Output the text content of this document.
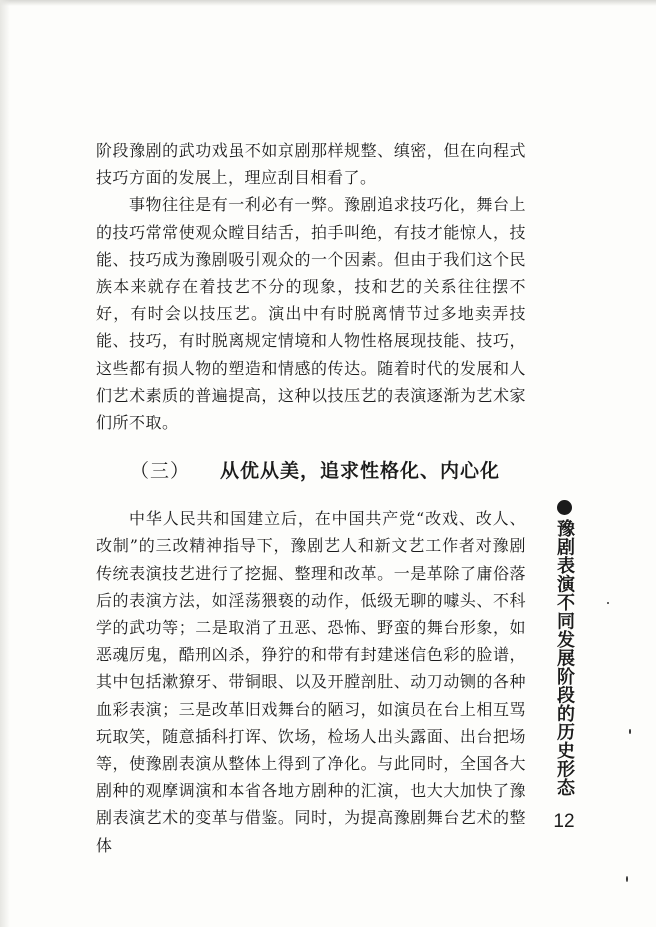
阶段豫剧的武功戏虽不如京剧那样规整、缜密，但在向程式技巧方面的发展上，理应刮目相看了。

事物往往是有一利必有一弊。豫剧追求技巧化，舞台上的技巧常常使观众瞠目结舌，拍手叫绝，有技才能惊人，技能、技巧成为豫剧吸引观众的一个因素。但由于我们这个民族本来就存在着技艺不分的现象，技和艺的关系往往摆不好，有时会以技压艺。演出中有时脱离情节过多地卖弄技能、技巧，有时脱离规定情境和人物性格展现技能、技巧，这些都有损人物的塑造和情感的传达。随着时代的发展和人们艺术素质的普遍提高，这种以技压艺的表演逐渐为艺术家们所不取。

（三） 从优从美，追求性格化、内心化

中华人民共和国建立后，在中国共产党“改戏、改人、改制”的三改精神指导下，豫剧艺人和新文艺工作者对豫剧传统表演技艺进行了挖掘、整理和改革。一是革除了庸俗落后的表演方法，如淫荡猥亵的动作，低级无聊的噱头、不科学的武功等；二是取消了丑恶、恐怖、野蛮的舞台形象，如恶魂厉鬼，酷刑凶杀，狰狞的和带有封建迷信色彩的脸谱，其中包括漱獠牙、带铜眼、以及开膛剖肚、动刀动铡的各种血彩表演；三是改革旧戏舞台的陋习，如演员在台上相互骂玩取笑，随意插科打诨、饮场，检场人出头露面、出台把场等，使豫剧表演从整体上得到了净化。与此同时，全国各大剧种的观摩调演和本省各地方剧种的汇演，也大大加快了豫剧表演艺术的变革与借鉴。同时，为提高豫剧舞台艺术的整体

豫剧表演不同发展阶段的历史形态
12
